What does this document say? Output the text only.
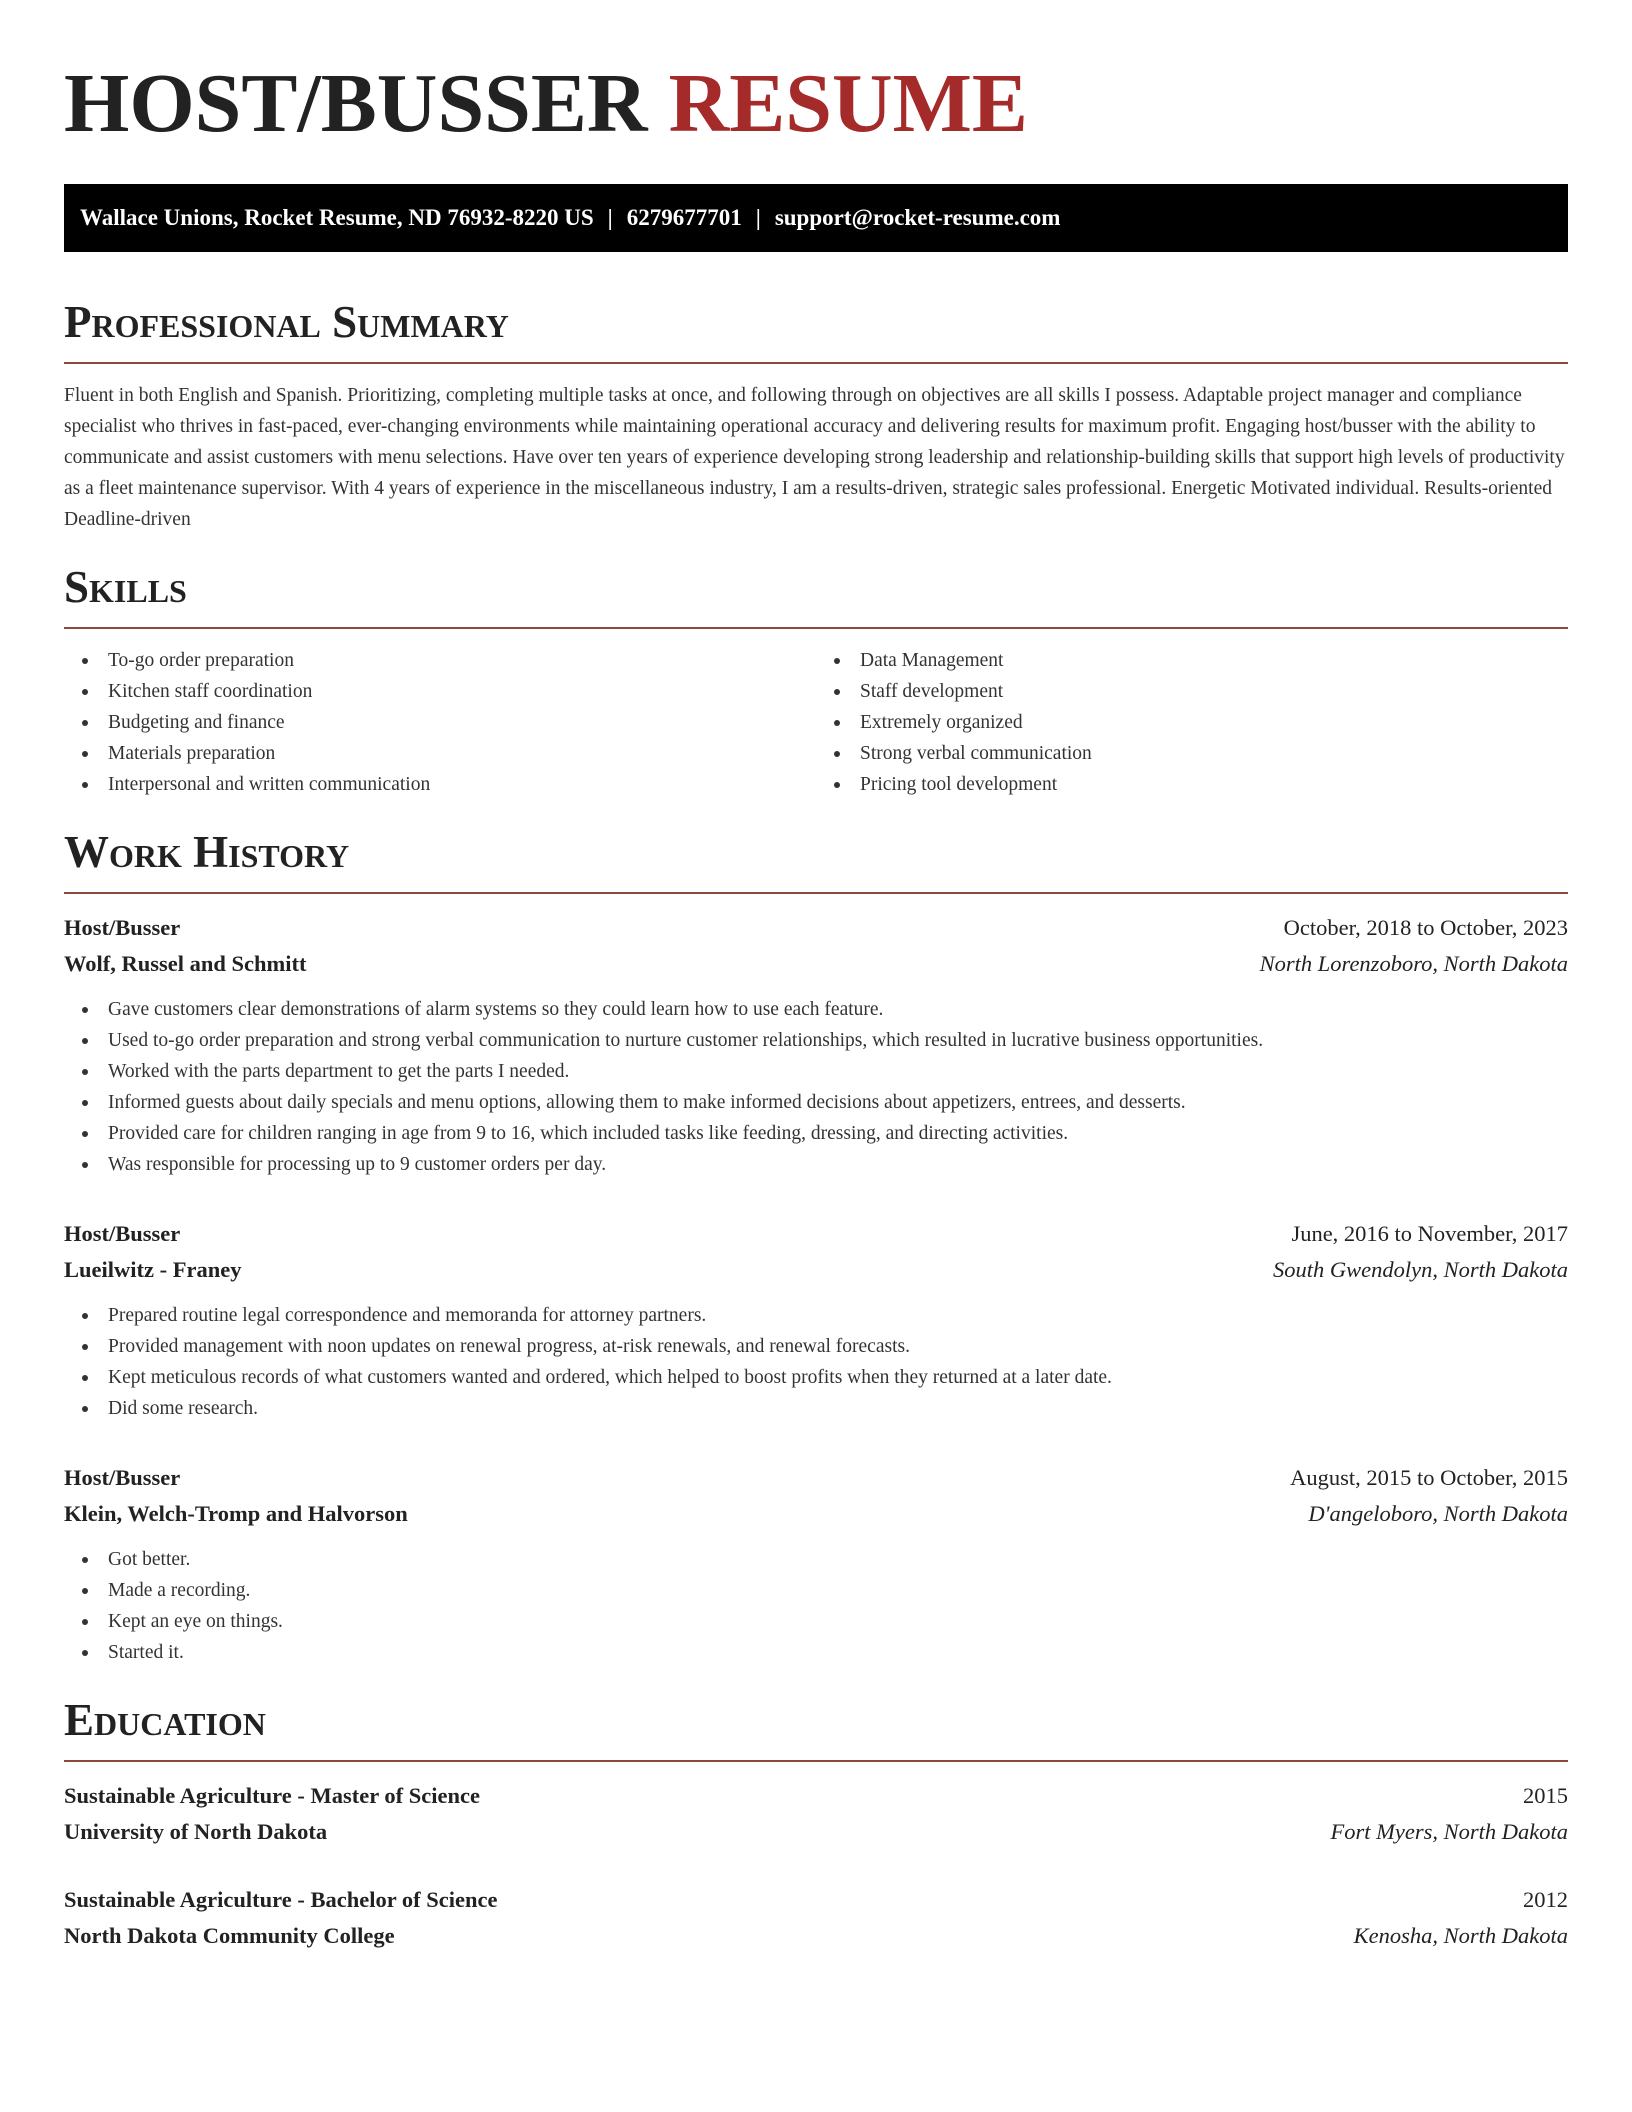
HOST/BUSSER RESUME
Wallace Unions, Rocket Resume, ND 76932-8220 US | 6279677701 | support@rocket-resume.com
Professional Summary

Fluent in both English and Spanish. Prioritizing, completing multiple tasks at once, and following through on objectives are all skills I possess. Adaptable project manager and compliance specialist who thrives in fast-paced, ever-changing environments while maintaining operational accuracy and delivering results for maximum profit. Engaging host/busser with the ability to communicate and assist customers with menu selections. Have over ten years of experience developing strong leadership and relationship-building skills that support high levels of productivity as a fleet maintenance supervisor. With 4 years of experience in the miscellaneous industry, I am a results-driven, strategic sales professional. Energetic Motivated individual. Results-oriented Deadline-driven

Skills
To-go order preparation
Kitchen staff coordination
Budgeting and finance
Materials preparation
Interpersonal and written communication
Data Management
Staff development
Extremely organized
Strong verbal communication
Pricing tool development
Work History
Host/Busser	October, 2018 to October, 2023
Wolf, Russel and Schmitt	North Lorenzoboro, North Dakota
Gave customers clear demonstrations of alarm systems so they could learn how to use each feature.
Used to-go order preparation and strong verbal communication to nurture customer relationships, which resulted in lucrative business opportunities.
Worked with the parts department to get the parts I needed.
Informed guests about daily specials and menu options, allowing them to make informed decisions about appetizers, entrees, and desserts.
Provided care for children ranging in age from 9 to 16, which included tasks like feeding, dressing, and directing activities.
Was responsible for processing up to 9 customer orders per day.
Host/Busser	June, 2016 to November, 2017
Lueilwitz - Franey	South Gwendolyn, North Dakota
Prepared routine legal correspondence and memoranda for attorney partners.
Provided management with noon updates on renewal progress, at-risk renewals, and renewal forecasts.
Kept meticulous records of what customers wanted and ordered, which helped to boost profits when they returned at a later date.
Did some research.
Host/Busser	August, 2015 to October, 2015
Klein, Welch-Tromp and Halvorson	D'angeloboro, North Dakota
Got better.
Made a recording.
Kept an eye on things.
Started it.
Education
Sustainable Agriculture - Master of Science	2015
University of North Dakota	Fort Myers, North Dakota
Sustainable Agriculture - Bachelor of Science	2012
North Dakota Community College	Kenosha, North Dakota
